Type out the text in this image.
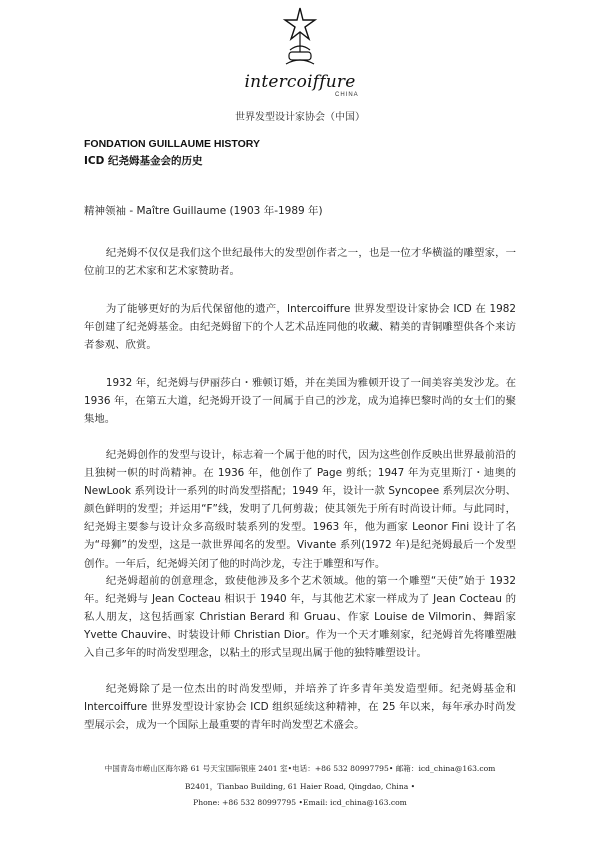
intercoiffure
CHINA
世界发型设计家协会（中国）
FONDATION GUILLAUME HISTORY
ICD 纪尧姆基金会的历史
精神领袖 - Maître Guillaume (1903 年-1989 年)

纪尧姆不仅仅是我们这个世纪最伟大的发型创作者之一，也是一位才华横溢的雕塑家，一位前卫的艺术家和艺术家赞助者。

为了能够更好的为后代保留他的遗产，Intercoiffure 世界发型设计家协会 ICD 在 1982 年创建了纪尧姆基金。由纪尧姆留下的个人艺术品连同他的收藏、精美的青铜雕塑供各个来访者参观、欣赏。

1932 年，纪尧姆与伊丽莎白・雅顿订婚，并在美国为雅顿开设了一间美容美发沙龙。在 1936 年，在第五大道，纪尧姆开设了一间属于自己的沙龙，成为追捧巴黎时尚的女士们的聚集地。

纪尧姆创作的发型与设计，标志着一个属于他的时代，因为这些创作反映出世界最前沿的且独树一帜的时尚精神。在 1936 年，他创作了 Page 剪纸；1947 年为克里斯汀・迪奥的 NewLook 系列设计一系列的时尚发型搭配；1949 年，设计一款 Syncopee 系列层次分明、颜色鲜明的发型；并运用“F”线，发明了几何剪裁；使其领先于所有时尚设计师。与此同时，纪尧姆主要参与设计众多高级时装系列的发型。1963 年，他为画家 Leonor Fini 设计了名为“母狮”的发型，这是一款世界闻名的发型。Vivante 系列(1972 年)是纪尧姆最后一个发型创作。一年后，纪尧姆关闭了他的时尚沙龙，专注于雕塑和写作。

纪尧姆超前的创意理念，致使他涉及多个艺术领域。他的第一个雕塑“天使”始于 1932 年。纪尧姆与 Jean Cocteau 相识于 1940 年，与其他艺术家一样成为了 Jean Cocteau 的私人朋友，这包括画家 Christian Berard 和 Gruau、作家 Louise de Vilmorin、舞蹈家 Yvette Chauvire、时装设计师 Christian Dior。作为一个天才雕刻家，纪尧姆首先将雕塑融入自己多年的时尚发型理念，以粘土的形式呈现出属于他的独特雕塑设计。

纪尧姆除了是一位杰出的时尚发型师，并培养了许多青年美发造型师。纪尧姆基金和 Intercoiffure 世界发型设计家协会 ICD 组织延续这种精神，在 25 年以来，每年承办时尚发型展示会，成为一个国际上最重要的青年时尚发型艺术盛会。

中国青岛市崂山区海尔路 61 号天宝国际银座 2401 室•电话：+86 532 80997795• 邮箱：icd_china@163.com
B2401，Tianbao Building, 61 Haier Road, Qingdao, China •
Phone: +86 532 80997795 •Email: icd_china@163.com
